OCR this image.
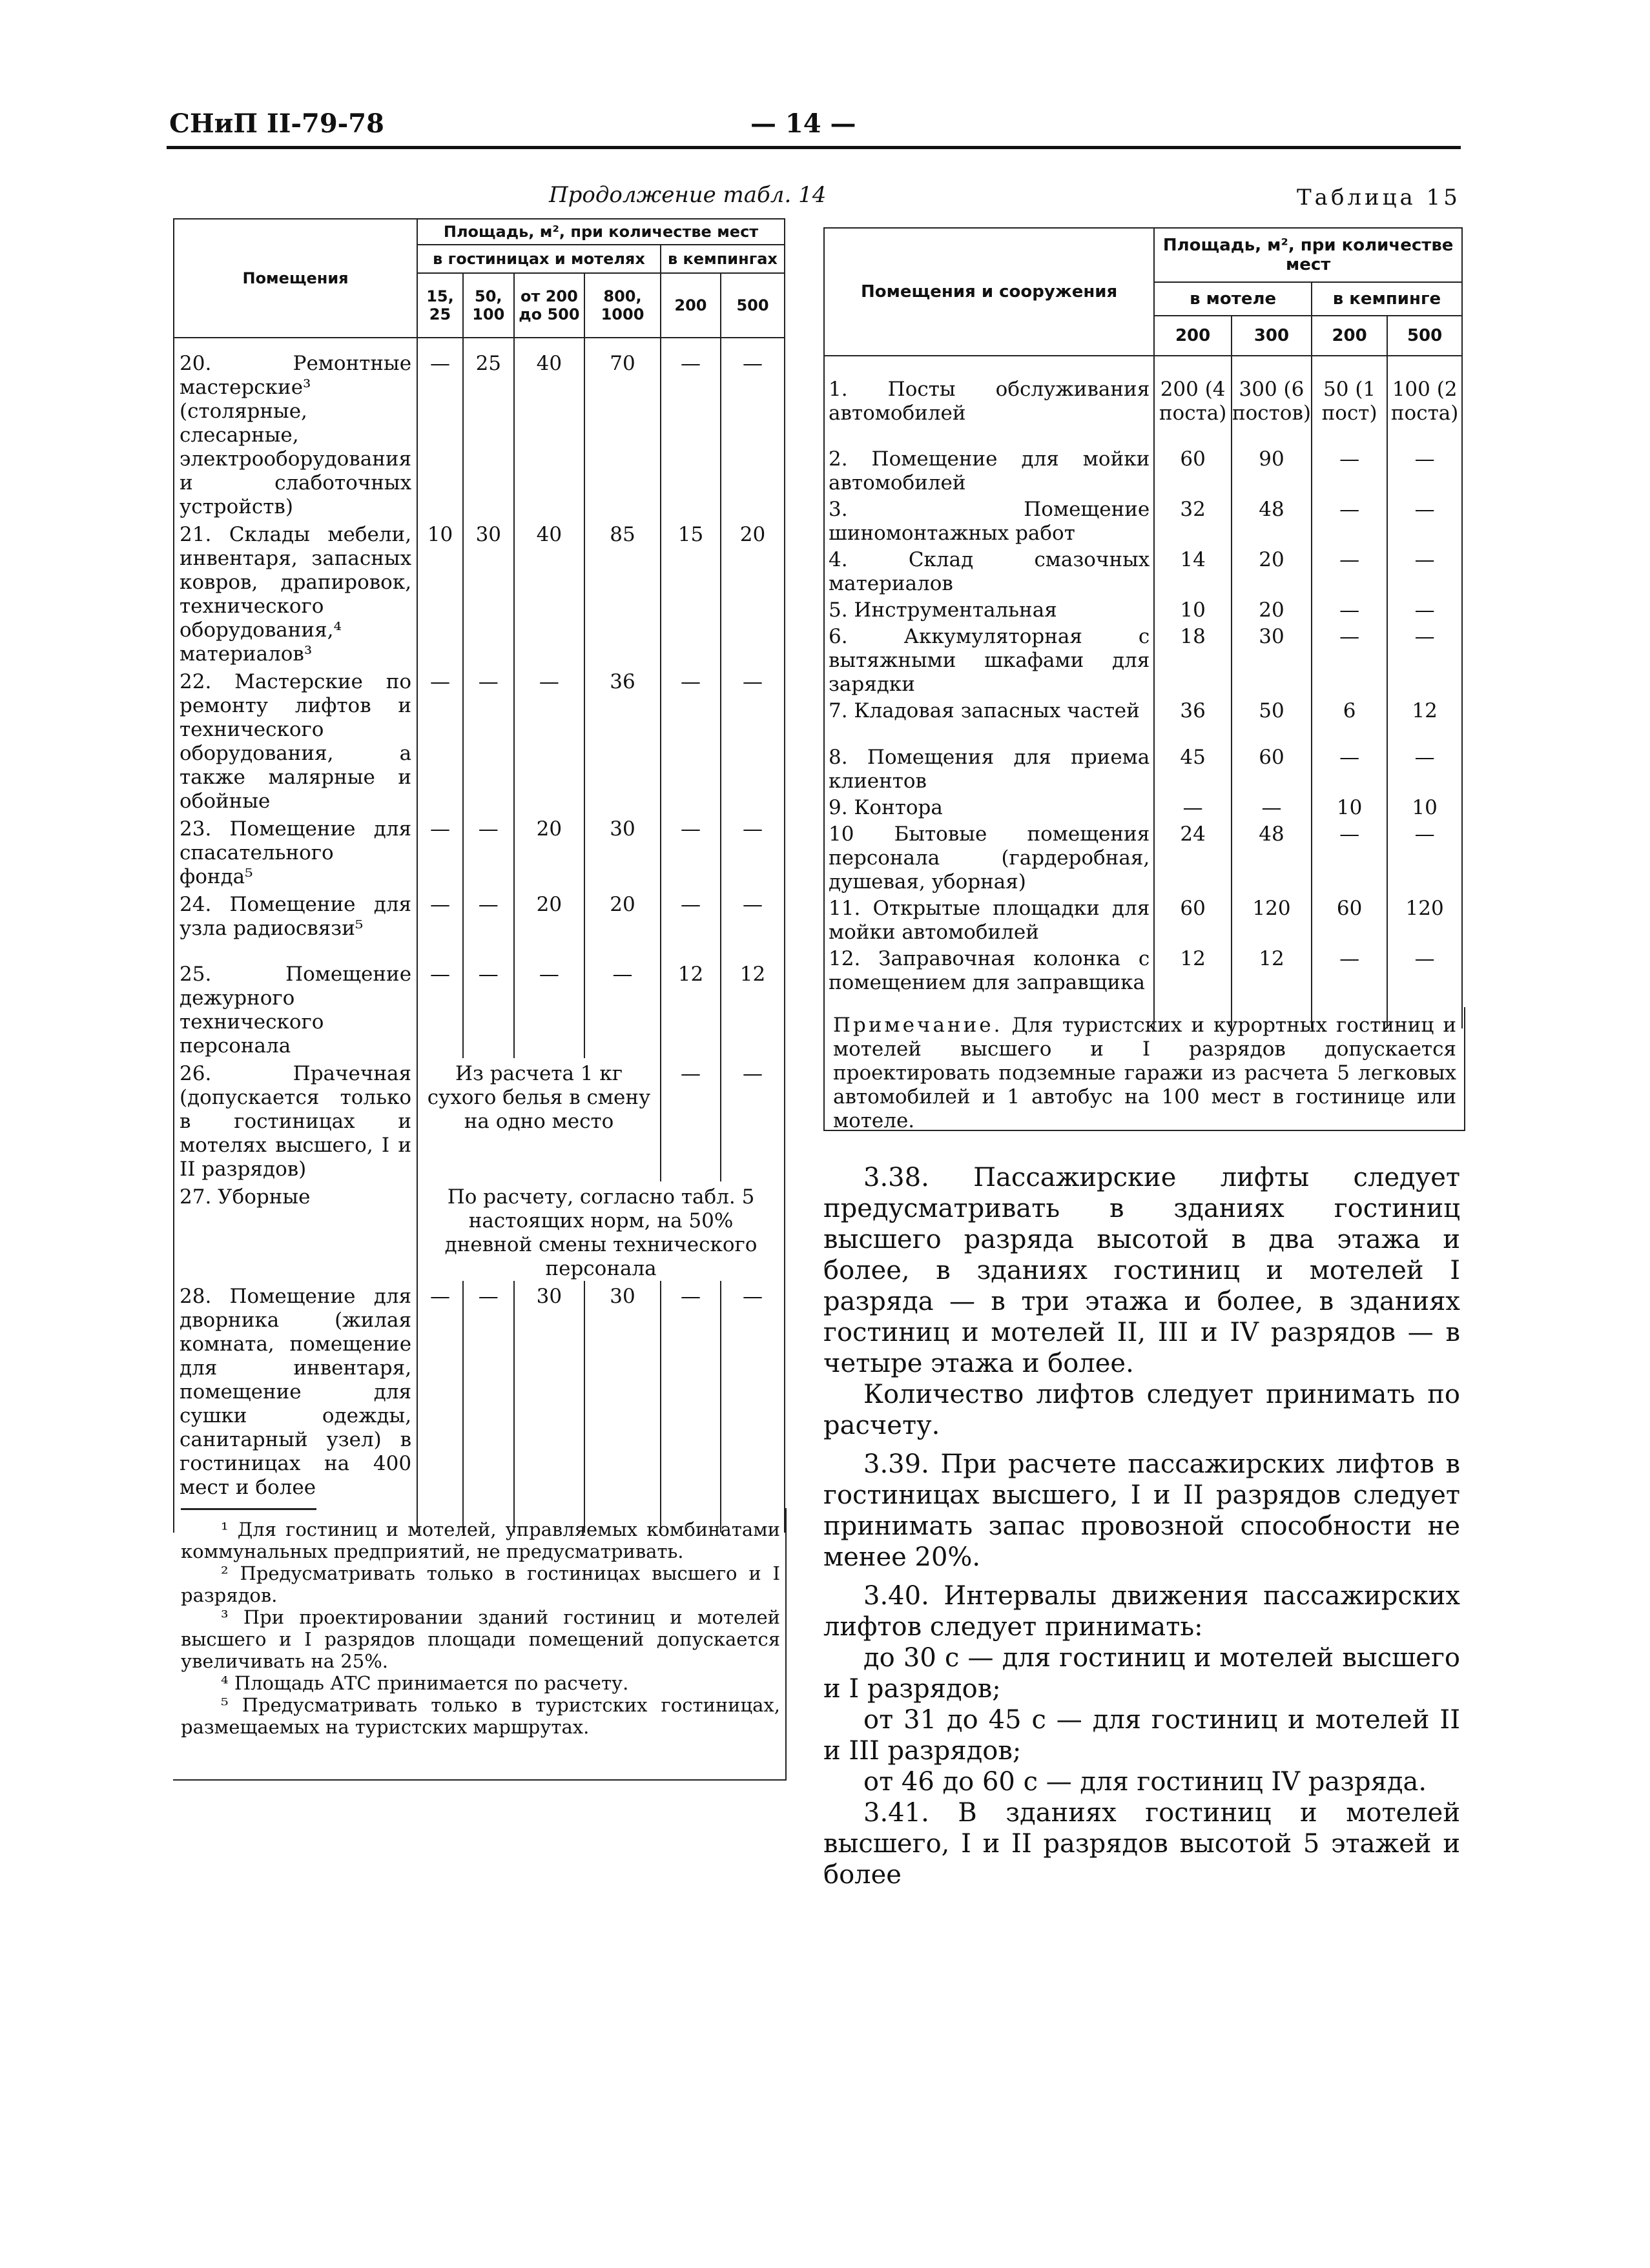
СНиП II-79-78	— 14 —
Продолжение табл. 14
Помещения	Площадь, м², при количестве мест					
	в гостиницах и мотелях				в кемпингах	
	15, 25	50, 100	от 200 до 500	800, 1000	200	500

20. Ремонтные мастерские³ (столярные, слесарные, электрооборудования и слаботочных устройств)	—	25	40	70	—	—
21. Склады мебели, инвентаря, запасных ковров, драпировок, технического оборудования,⁴ материалов³	10	30	40	85	15	20
22. Мастерские по ремонту лифтов и технического оборудования, а также малярные и обойные	—	—	—	36	—	—
23. Помещение для спасательного фонда⁵	—	—	20	30	—	—
24. Помещение для узла радиосвязи⁵	—	—	20	20	—	—
25. Помещение дежурного технического персонала	—	—	—	—	12	12
26. Прачечная (допускается только в гостиницах и мотелях высшего, I и II разрядов)	Из расчета 1 кг сухого белья в смену на одно место				—	—
27. Уборные	По расчету, согласно табл. 5 настоящих норм, на 50% дневной смены технического персонала					
28. Помещение для дворника (жилая комната, помещение для инвентаря, помещение для сушки одежды, санитарный узел) в гостиницах на 400 мест и более	—	—	30	30	—	—

¹ Для гостиниц и мотелей, управляемых комбинатами коммунальных предприятий, не предусматривать.

² Предусматривать только в гостиницах высшего и I разрядов.

³ При проектировании зданий гостиниц и мотелей высшего и I разрядов площади помещений допускается увеличивать на 25%.

⁴ Площадь АТС принимается по расчету.

⁵ Предусматривать только в туристских гостиницах, размещаемых на туристских маршрутах.

Таблица 15
Помещения и сооружения	Площадь, м², при количестве мест			
	в мотеле		в кемпинге	
	200	300	200	500

1. Посты обслуживания автомобилей	200 (4 поста)	300 (6 постов)	50 (1 пост)	100 (2 поста)
2. Помещение для мойки автомобилей	60	90	—	—
3. Помещение шиномонтажных работ	32	48	—	—
4. Склад смазочных материалов	14	20	—	—
5. Инструментальная	10	20	—	—
6. Аккумуляторная с вытяжными шкафами для зарядки	18	30	—	—
7. Кладовая запасных частей	36	50	6	12
8. Помещения для приема клиентов	45	60	—	—
9. Контора	—	—	10	10
10 Бытовые помещения персонала (гардеробная, душевая, уборная)	24	48	—	—
11. Открытые площадки для мойки автомобилей	60	120	60	120
12. Заправочная колонка с помещением для заправщика	12	12	—	—
Примечание. Для туристских и курортных гостиниц и мотелей высшего и I разрядов допускается проектировать подземные гаражи из расчета 5 легковых автомобилей и 1 автобус на 100 мест в гостинице или мотеле.

3.38. Пассажирские лифты следует предусматривать в зданиях гостиниц высшего разряда высотой в два этажа и более, в зданиях гостиниц и мотелей I разряда — в три этажа и более, в зданиях гостиниц и мотелей II, III и IV разрядов — в четыре этажа и более.

Количество лифтов следует принимать по расчету.

3.39. При расчете пассажирских лифтов в гостиницах высшего, I и II разрядов следует принимать запас провозной способности не менее 20%.

3.40. Интервалы движения пассажирских лифтов следует принимать:

до 30 с — для гостиниц и мотелей высшего и I разрядов;

от 31 до 45 с — для гостиниц и мотелей II и III разрядов;

от 46 до 60 с — для гостиниц IV разряда.

3.41. В зданиях гостиниц и мотелей высшего, I и II разрядов высотой 5 этажей и более
